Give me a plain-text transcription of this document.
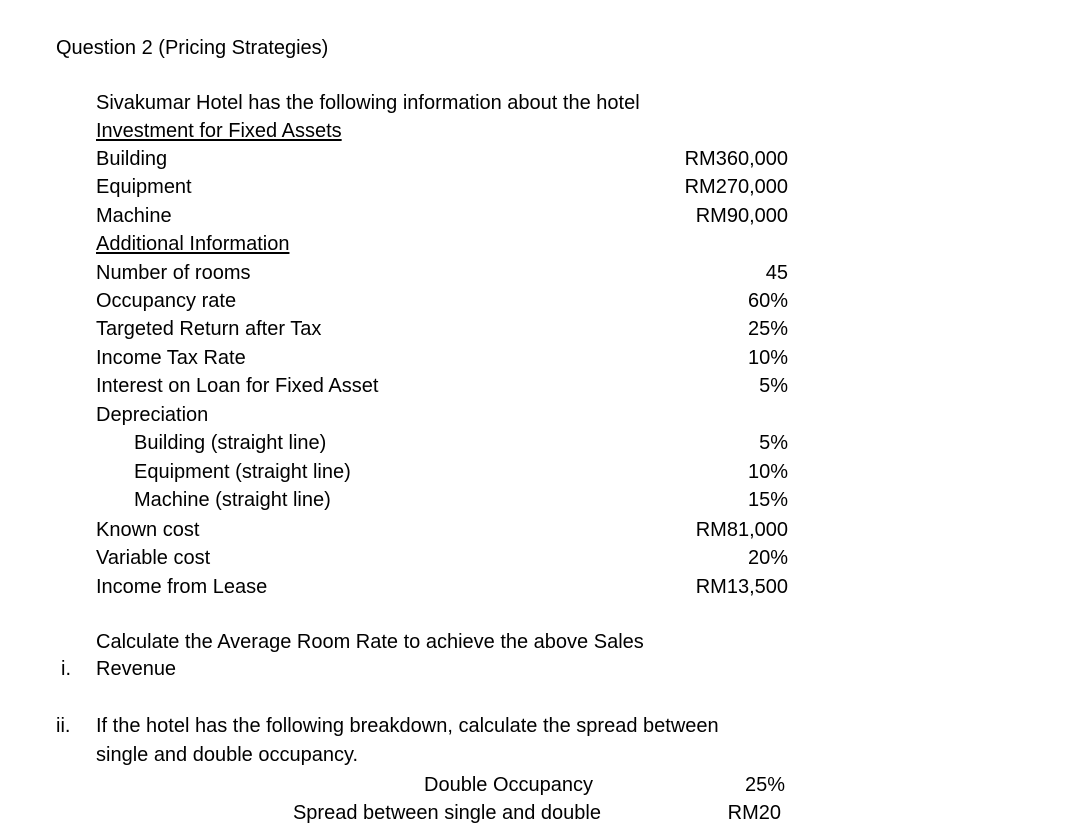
Question 2 (Pricing Strategies)
Sivakumar Hotel has the following information about the hotel
Investment for Fixed Assets
Building	RM360,000
Equipment	RM270,000
Machine	RM90,000
Additional Information
Number of rooms	45
Occupancy rate	60%
Targeted Return after Tax	25%
Income Tax Rate	10%
Interest on Loan for Fixed Asset	5%
Depreciation
Building (straight line)	5%
Equipment (straight line)	10%
Machine (straight line)	15%
Known cost	RM81,000
Variable cost	20%
Income from Lease	RM13,500
Calculate the Average Room Rate to achieve the above Sales
i. Revenue
ii. If the hotel has the following breakdown, calculate the spread between
single and double occupancy.
Double Occupancy	25%
Spread between single and double	RM20
